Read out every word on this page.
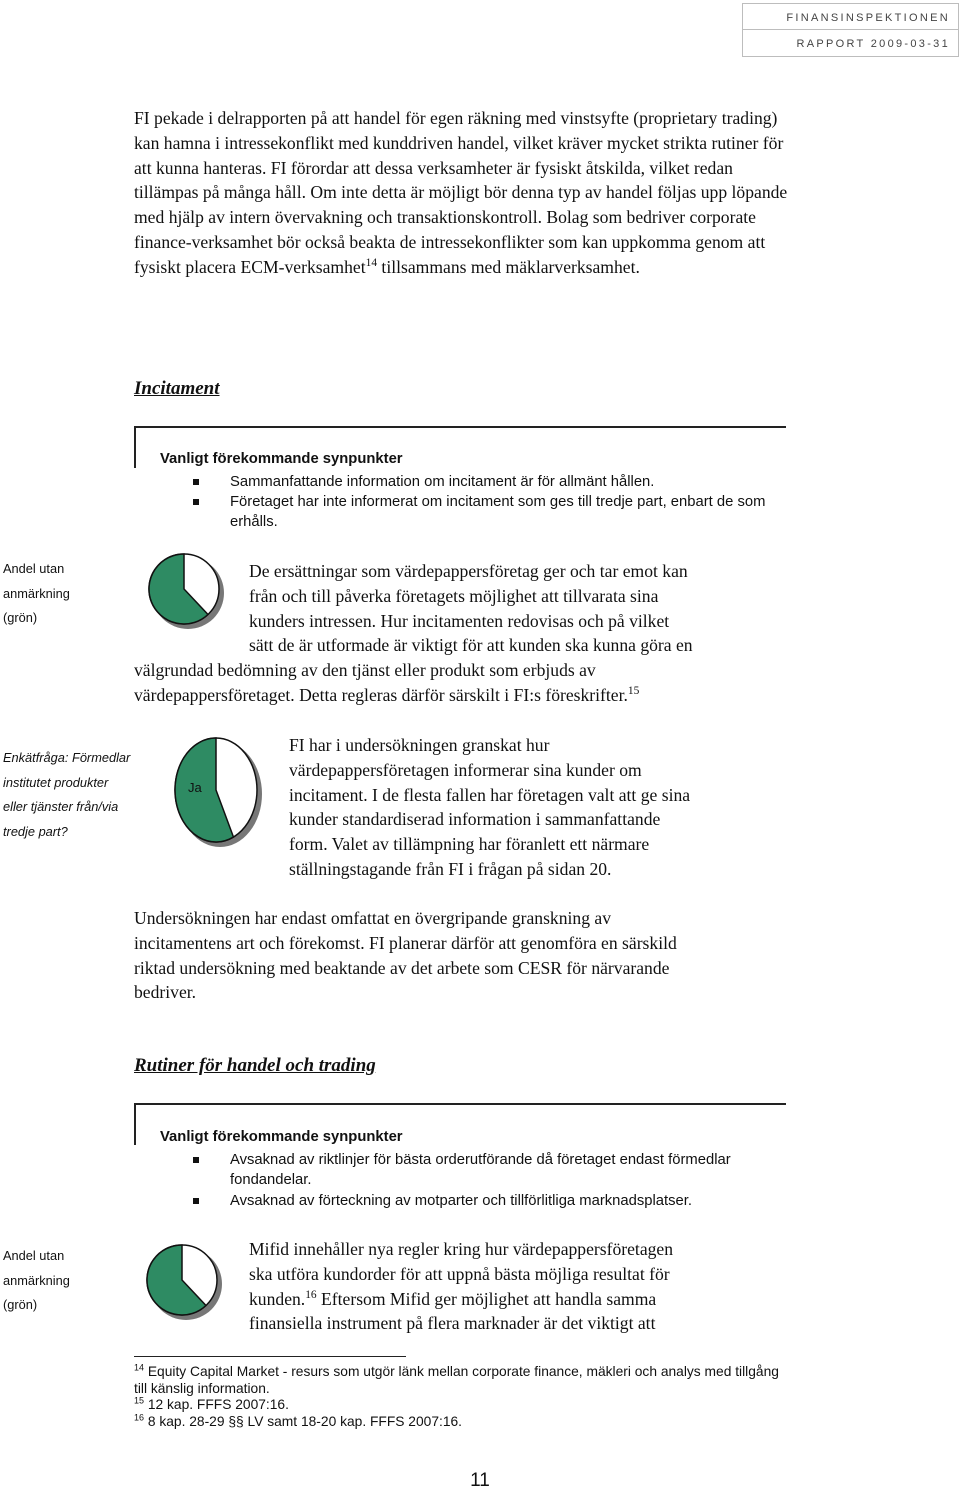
FINANSINSPEKTIONEN
RAPPORT 2009-03-31
FI pekade i delrapporten på att handel för egen räkning med vinstsyfte (proprietary trading) kan hamna i intressekonflikt med kunddriven handel, vilket kräver mycket strikta rutiner för att kunna hanteras. FI förordar att dessa verksamheter är fysiskt åtskilda, vilket redan tillämpas på många håll. Om inte detta är möjligt bör denna typ av handel följas upp löpande med hjälp av intern övervakning och transaktionskontroll. Bolag som bedriver corporate finance-verksamhet bör också beakta de intressekonflikter som kan uppkomma genom att fysiskt placera ECM-verksamhet$^{14}$ tillsammans med mäklarverksamhet.
Incitament
Vanligt förekommande synpunkter
Sammanfattande information om incitament är för allmänt hållen.
Företaget har inte informerat om incitament som ges till tredje part, enbart de som erhålls.
Andel utan
anmärkning
(grön)
De ersättningar som värdepappersföretag ger och tar emot kan
från och till påverka företagets möjlighet att tillvarata sina
kunders intressen. Hur incitamenten redovisas och på vilket
sätt de är utformade är viktigt för att kunden ska kunna göra en
välgrundad bedömning av den tjänst eller produkt som erbjuds av
värdepappersföretaget. Detta regleras därför särskilt i FI:s föreskrifter.$^{15}$
Enkätfråga: Förmedlar
institutet produkter
eller tjänster från/via
tredje part?
Ja
FI har i undersökningen granskat hur
värdepappersföretagen informerar sina kunder om
incitament. I de flesta fallen har företagen valt att ge sina
kunder standardiserad information i sammanfattande
form. Valet av tillämpning har föranlett ett närmare
ställningstagande från FI i frågan på sidan 20.
Undersökningen har endast omfattat en övergripande granskning av
incitamentens art och förekomst. FI planerar därför att genomföra en särskild
riktad undersökning med beaktande av det arbete som CESR för närvarande
bedriver.
Rutiner för handel och trading
Vanligt förekommande synpunkter
Avsaknad av riktlinjer för bästa orderutförande då företaget endast förmedlar fondandelar.
Avsaknad av förteckning av motparter och tillförlitliga marknadsplatser.
Andel utan
anmärkning
(grön)
Mifid innehåller nya regler kring hur värdepappersföretagen
ska utföra kundorder för att uppnå bästa möjliga resultat för
kunden.$^{16}$ Eftersom Mifid ger möjlighet att handla samma
finansiella instrument på flera marknader är det viktigt att
$^{14}$ Equity Capital Market - resurs som utgör länk mellan corporate finance, mäkleri och analys med tillgång till känslig information.
$^{15}$ 12 kap. FFFS 2007:16.
$^{16}$ 8 kap. 28-29 §§ LV samt 18-20 kap. FFFS 2007:16.
11
